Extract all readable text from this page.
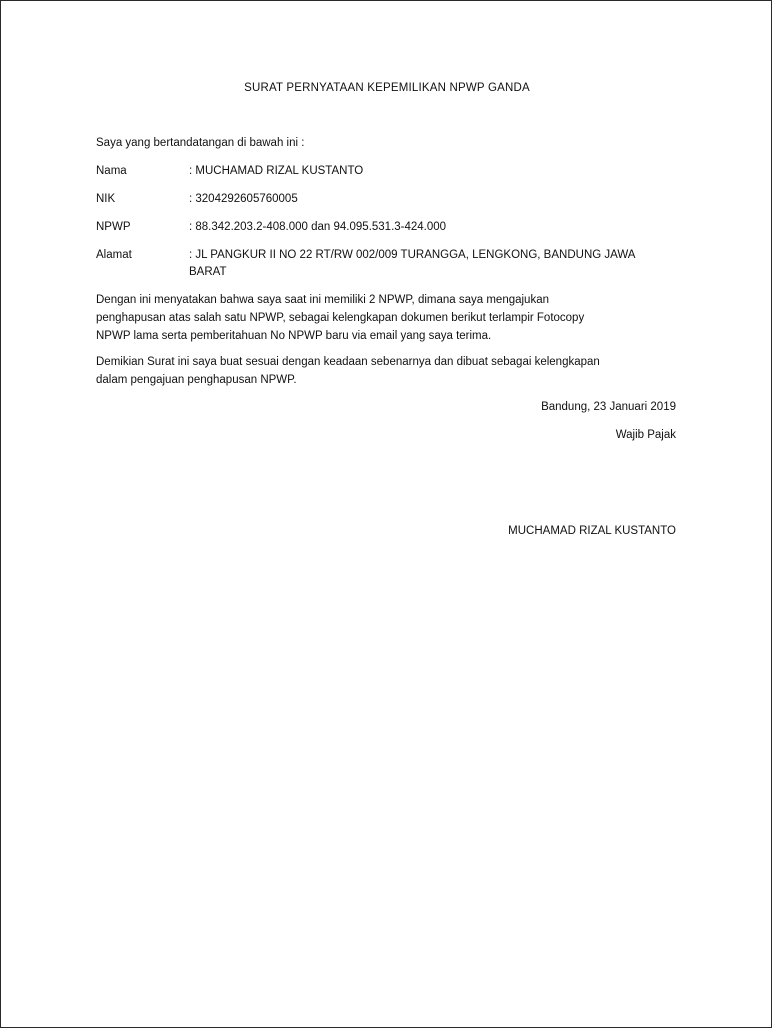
SURAT PERNYATAAN KEPEMILIKAN NPWP GANDA
Saya yang bertandatangan di bawah ini :
Nama	: MUCHAMAD RIZAL KUSTANTO
NIK	: 3204292605760005
NPWP	: 88.342.203.2-408.000 dan 94.095.531.3-424.000
Alamat	: JL PANGKUR II NO 22 RT/RW 002/009 TURANGGA, LENGKONG, BANDUNG JAWA
BARAT
Dengan ini menyatakan bahwa saya saat ini memiliki 2 NPWP, dimana saya mengajukan
penghapusan atas salah satu NPWP, sebagai kelengkapan dokumen berikut terlampir Fotocopy
NPWP lama serta pemberitahuan No NPWP baru via email yang saya terima.
Demikian Surat ini saya buat sesuai dengan keadaan sebenarnya dan dibuat sebagai kelengkapan
dalam pengajuan penghapusan NPWP.
Bandung, 23 Januari 2019
Wajib Pajak
MUCHAMAD RIZAL KUSTANTO
